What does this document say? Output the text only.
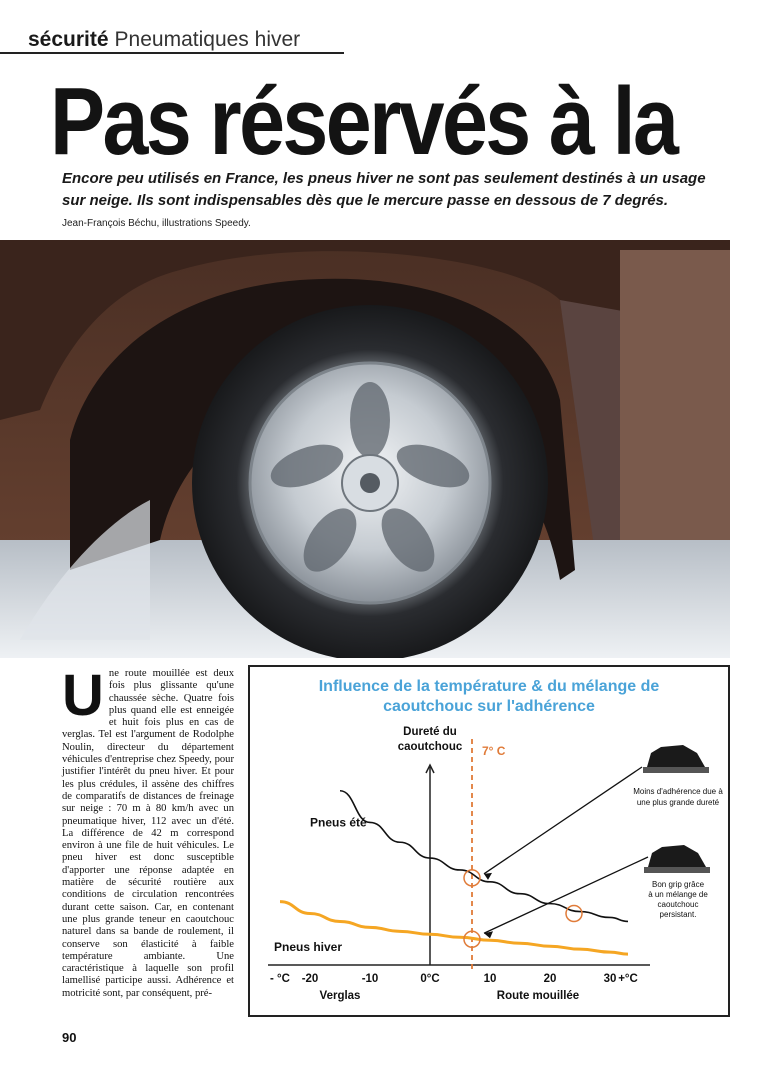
sécurité Pneumatiques hiver
Pas réservés à la

Encore peu utilisés en France, les pneus hiver ne sont pas seulement destinés à un usage sur neige. Ils sont indispensables dès que le mercure passe en dessous de 7 degrés.

Jean-François Béchu, illustrations Speedy.

Une route mouillée est deux fois plus glissante qu'une chaussée sèche. Quatre fois plus quand elle est enneigée et huit fois plus en cas de verglas. Tel est l'argument de Rodolphe Noulin, directeur du département véhicules d'entreprise chez Speedy, pour justifier l'intérêt du pneu hiver. Et pour les plus crédules, il assène des chiffres de comparatifs de distances de freinage sur neige : 70 m à 80 km/h avec un pneumatique hiver, 112 avec un d'été. La différence de 42 m correspond environ à une file de huit véhicules. Le pneu hiver est donc susceptible d'apporter une réponse adaptée en matière de sécurité routière aux conditions de circulation rencontrées durant cette saison. Car, en contenant une plus grande teneur en caoutchouc naturel dans sa bande de roulement, il conserve son élasticité à faible température ambiante. Une caractéristique à laquelle son profil lamellisé participe aussi. Adhérence et motricité sont, par conséquent, pré-
Influence de la température & du mélange de caoutchouc sur l'adhérence
Dureté du
caoutchouc 7° C
- °C -20	-10	0°C	10	20	30 +°C
Verglas	Route mouillée
Pneus été
Pneus hiver
Moins d'adhérence due à
une plus grande dureté
Bon grip grâce
à un mélange de
caoutchouc
persistant.
90
